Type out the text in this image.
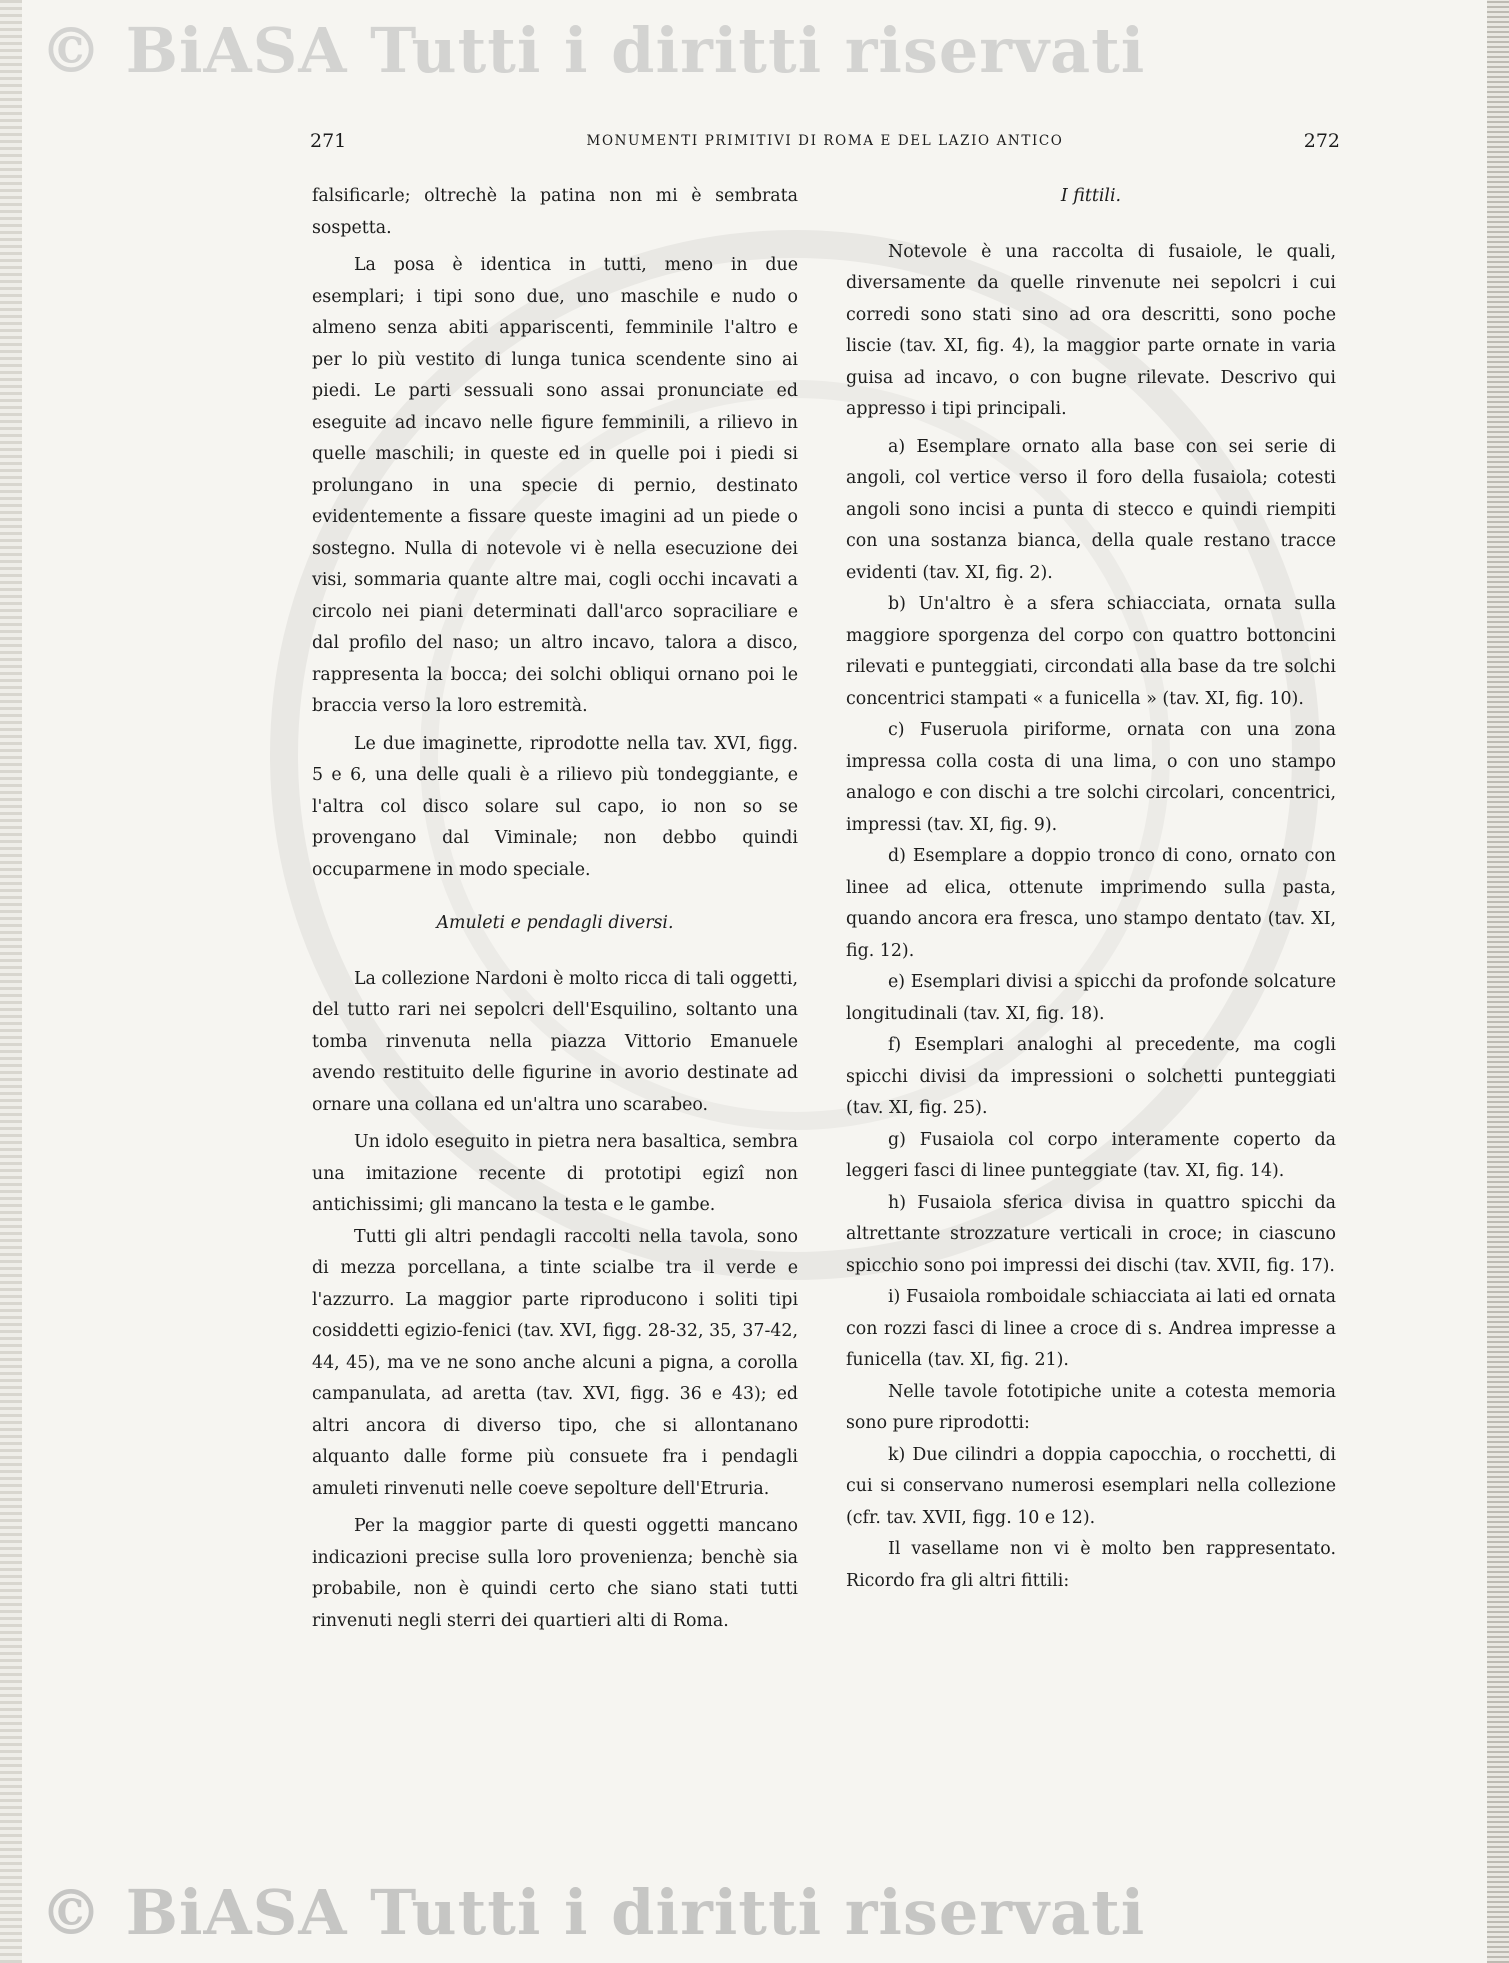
© BiASA Tutti i diritti riservati
© BiASA Tutti i diritti riservati
271	MONUMENTI PRIMITIVI DI ROMA E DEL LAZIO ANTICO	272

falsificarle; oltrechè la patina non mi è sembrata sospetta.

La posa è identica in tutti, meno in due esemplari; i tipi sono due, uno maschile e nudo o almeno senza abiti appariscenti, femminile l'altro e per lo più vestito di lunga tunica scendente sino ai piedi. Le parti sessuali sono assai pronunciate ed eseguite ad incavo nelle figure femminili, a rilievo in quelle maschili; in queste ed in quelle poi i piedi si prolungano in una specie di pernio, destinato evidentemente a fissare queste imagini ad un piede o sostegno. Nulla di notevole vi è nella esecuzione dei visi, sommaria quante altre mai, cogli occhi incavati a circolo nei piani determinati dall'arco sopraciliare e dal profilo del naso; un altro incavo, talora a disco, rappresenta la bocca; dei solchi obliqui ornano poi le braccia verso la loro estremità.

Le due imaginette, riprodotte nella tav. XVI, figg. 5 e 6, una delle quali è a rilievo più tondeggiante, e l'altra col disco solare sul capo, io non so se provengano dal Viminale; non debbo quindi occuparmene in modo speciale.

Amuleti e pendagli diversi.

La collezione Nardoni è molto ricca di tali oggetti, del tutto rari nei sepolcri dell'Esquilino, soltanto una tomba rinvenuta nella piazza Vittorio Emanuele avendo restituito delle figurine in avorio destinate ad ornare una collana ed un'altra uno scarabeo.

Un idolo eseguito in pietra nera basaltica, sembra una imitazione recente di prototipi egizî non antichissimi; gli mancano la testa e le gambe.

Tutti gli altri pendagli raccolti nella tavola, sono di mezza porcellana, a tinte scialbe tra il verde e l'azzurro. La maggior parte riproducono i soliti tipi cosiddetti egizio-fenici (tav. XVI, figg. 28-32, 35, 37-42, 44, 45), ma ve ne sono anche alcuni a pigna, a corolla campanulata, ad aretta (tav. XVI, figg. 36 e 43); ed altri ancora di diverso tipo, che si allontanano alquanto dalle forme più consuete fra i pendagli amuleti rinvenuti nelle coeve sepolture dell'Etruria.

Per la maggior parte di questi oggetti mancano indicazioni precise sulla loro provenienza; benchè sia probabile, non è quindi certo che siano stati tutti rinvenuti negli sterri dei quartieri alti di Roma.

I fittili.

Notevole è una raccolta di fusaiole, le quali, diversamente da quelle rinvenute nei sepolcri i cui corredi sono stati sino ad ora descritti, sono poche liscie (tav. XI, fig. 4), la maggior parte ornate in varia guisa ad incavo, o con bugne rilevate. Descrivo qui appresso i tipi principali.

a) Esemplare ornato alla base con sei serie di angoli, col vertice verso il foro della fusaiola; cotesti angoli sono incisi a punta di stecco e quindi riempiti con una sostanza bianca, della quale restano tracce evidenti (tav. XI, fig. 2).

b) Un'altro è a sfera schiacciata, ornata sulla maggiore sporgenza del corpo con quattro bottoncini rilevati e punteggiati, circondati alla base da tre solchi concentrici stampati « a funicella » (tav. XI, fig. 10).

c) Fuseruola piriforme, ornata con una zona impressa colla costa di una lima, o con uno stampo analogo e con dischi a tre solchi circolari, concentrici, impressi (tav. XI, fig. 9).

d) Esemplare a doppio tronco di cono, ornato con linee ad elica, ottenute imprimendo sulla pasta, quando ancora era fresca, uno stampo dentato (tav. XI, fig. 12).

e) Esemplari divisi a spicchi da profonde solcature longitudinali (tav. XI, fig. 18).

f) Esemplari analoghi al precedente, ma cogli spicchi divisi da impressioni o solchetti punteggiati (tav. XI, fig. 25).

g) Fusaiola col corpo interamente coperto da leggeri fasci di linee punteggiate (tav. XI, fig. 14).

h) Fusaiola sferica divisa in quattro spicchi da altrettante strozzature verticali in croce; in ciascuno spicchio sono poi impressi dei dischi (tav. XVII, fig. 17).

i) Fusaiola romboidale schiacciata ai lati ed ornata con rozzi fasci di linee a croce di s. Andrea impresse a funicella (tav. XI, fig. 21).

Nelle tavole fototipiche unite a cotesta memoria sono pure riprodotti:

k) Due cilindri a doppia capocchia, o rocchetti, di cui si conservano numerosi esemplari nella collezione (cfr. tav. XVII, figg. 10 e 12).

Il vasellame non vi è molto ben rappresentato. Ricordo fra gli altri fittili:
